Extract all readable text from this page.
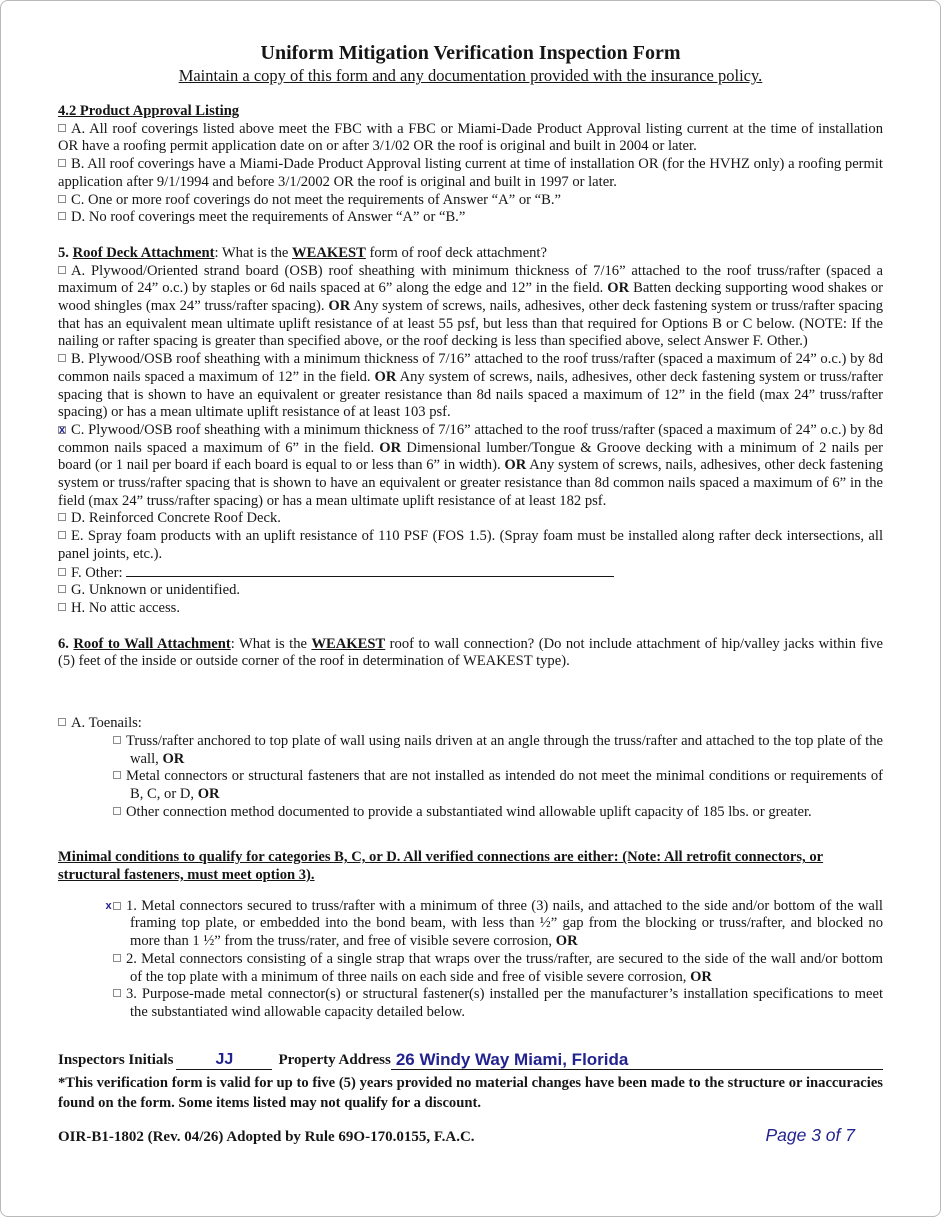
Uniform Mitigation Verification Inspection Form
Maintain a copy of this form and any documentation provided with the insurance policy.
4.2 Product Approval Listing
A. All roof coverings listed above meet the FBC with a FBC or Miami-Dade Product Approval listing current at the time of installation OR have a roofing permit application date on or after 3/1/02 OR the roof is original and built in 2004 or later.
B. All roof coverings have a Miami-Dade Product Approval listing current at time of installation OR (for the HVHZ only) a roofing permit application after 9/1/1994 and before 3/1/2002 OR the roof is original and built in 1997 or later.
C. One or more roof coverings do not meet the requirements of Answer “A” or “B.”
D. No roof coverings meet the requirements of Answer “A” or “B.”
5. Roof Deck Attachment: What is the WEAKEST form of roof deck attachment?
A. Plywood/Oriented strand board (OSB) roof sheathing with minimum thickness of 7/16” attached to the roof truss/rafter (spaced a maximum of 24” o.c.) by staples or 6d nails spaced at 6” along the edge and 12” in the field. OR Batten decking supporting wood shakes or wood shingles (max 24” truss/rafter spacing). OR Any system of screws, nails, adhesives, other deck fastening system or truss/rafter spacing that has an equivalent mean ultimate uplift resistance of at least 55 psf, but less than that required for Options B or C below. (NOTE: If the nailing or rafter spacing is greater than specified above, or the roof decking is less than specified above, select Answer F. Other.)
B. Plywood/OSB roof sheathing with a minimum thickness of 7/16” attached to the roof truss/rafter (spaced a maximum of 24” o.c.) by 8d common nails spaced a maximum of 12” in the field. OR Any system of screws, nails, adhesives, other deck fastening system or truss/rafter spacing that is shown to have an equivalent or greater resistance than 8d nails spaced a maximum of 12” in the field (max 24” truss/rafter spacing) or has a mean ultimate uplift resistance of at least 103 psf.
x C. Plywood/OSB roof sheathing with a minimum thickness of 7/16” attached to the roof truss/rafter (spaced a maximum of 24” o.c.) by 8d common nails spaced a maximum of 6” in the field. OR Dimensional lumber/Tongue & Groove decking with a minimum of 2 nails per board (or 1 nail per board if each board is equal to or less than 6” in width). OR Any system of screws, nails, adhesives, other deck fastening system or truss/rafter spacing that is shown to have an equivalent or greater resistance than 8d common nails spaced a maximum of 6” in the field (max 24” truss/rafter spacing) or has a mean ultimate uplift resistance of at least 182 psf.
D. Reinforced Concrete Roof Deck.
E. Spray foam products with an uplift resistance of 110 PSF (FOS 1.5). (Spray foam must be installed along rafter deck intersections, all panel joints, etc.).
F. Other:
G. Unknown or unidentified.
H. No attic access.
6. Roof to Wall Attachment: What is the WEAKEST roof to wall connection? (Do not include attachment of hip/valley jacks within five (5) feet of the inside or outside corner of the roof in determination of WEAKEST type).
A. Toenails:
Truss/rafter anchored to top plate of wall using nails driven at an angle through the truss/rafter and attached to the top plate of the wall, OR
Metal connectors or structural fasteners that are not installed as intended do not meet the minimal conditions or requirements of B, C, or D, OR
Other connection method documented to provide a substantiated wind allowable uplift capacity of 185 lbs. or greater.
Minimal conditions to qualify for categories B, C, or D. All verified connections are either: (Note: All retrofit connectors, or structural fasteners, must meet option 3).
x 1. Metal connectors secured to truss/rafter with a minimum of three (3) nails, and attached to the side and/or bottom of the wall framing top plate, or embedded into the bond beam, with less than ½” gap from the blocking or truss/rafter, and blocked no more than 1 ½” from the truss/rater, and free of visible severe corrosion, OR
2. Metal connectors consisting of a single strap that wraps over the truss/rafter, are secured to the side of the wall and/or bottom of the top plate with a minimum of three nails on each side and free of visible severe corrosion, OR
3. Purpose-made metal connector(s) or structural fastener(s) installed per the manufacturer’s installation specifications to meet the substantiated wind allowable capacity detailed below.
Inspectors Initials	JJ	Property Address 26 Windy Way Miami, Florida
*This verification form is valid for up to five (5) years provided no material changes have been made to the structure or inaccuracies found on the form. Some items listed may not qualify for a discount.
OIR-B1-1802 (Rev. 04/26) Adopted by Rule 69O-170.0155, F.A.C.	Page 3 of 7
